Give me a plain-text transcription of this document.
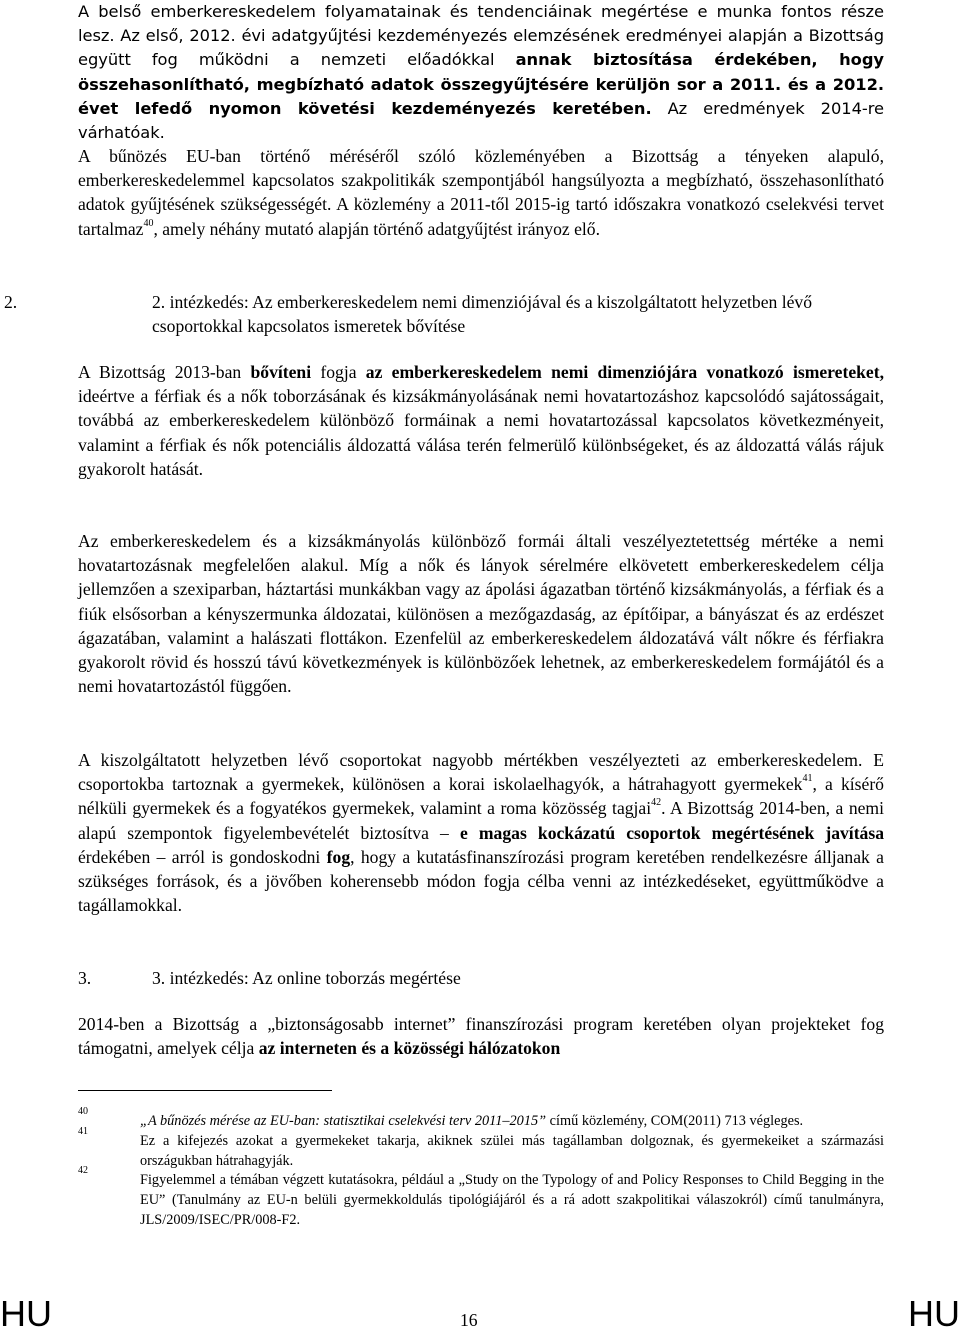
A belső emberkereskedelem folyamatainak és tendenciáinak megértése e munka fontos része lesz. Az első, 2012. évi adatgyűjtési kezdeményezés elemzésének eredményei alapján a Bizottság együtt fog működni a nemzeti előadókkal annak biztosítása érdekében, hogy összehasonlítható, megbízható adatok összegyűjtésére kerüljön sor a 2011. és a 2012. évet lefedő nyomon követési kezdeményezés keretében. Az eredmények 2014-re várhatóak.

A bűnözés EU-ban történő méréséről szóló közleményében a Bizottság a tényeken alapuló, emberkereskedelemmel kapcsolatos szakpolitikák szempontjából hangsúlyozta a megbízható, összehasonlítható adatok gyűjtésének szükségességét. A közlemény a 2011-től 2015-ig tartó időszakra vonatkozó cselekvési tervet tartalmaz$^{40}$, amely néhány mutató alapján történő adatgyűjtést irányoz elő.

2.	2. intézkedés: Az emberkereskedelem nemi dimenziójával és a kiszolgáltatott helyzetben lévő csoportokkal kapcsolatos ismeretek bővítése

A Bizottság 2013-ban bővíteni fogja az emberkereskedelem nemi dimenziójára vonatkozó ismereteket, ideértve a férfiak és a nők toborzásának és kizsákmányolásának nemi hovatartozáshoz kapcsolódó sajátosságait, továbbá az emberkereskedelem különböző formáinak a nemi hovatartozással kapcsolatos következményeit, valamint a férfiak és nők potenciális áldozattá válása terén felmerülő különbségeket, és az áldozattá válás rájuk gyakorolt hatását.

Az emberkereskedelem és a kizsákmányolás különböző formái általi veszélyeztetettség mértéke a nemi hovatartozásnak megfelelően alakul. Míg a nők és lányok sérelmére elkövetett emberkereskedelem célja jellemzően a szexiparban, háztartási munkákban vagy az ápolási ágazatban történő kizsákmányolás, a férfiak és a fiúk elsősorban a kényszermunka áldozatai, különösen a mezőgazdaság, az építőipar, a bányászat és az erdészet ágazatában, valamint a halászati flottákon. Ezenfelül az emberkereskedelem áldozatává vált nőkre és férfiakra gyakorolt rövid és hosszú távú következmények is különbözőek lehetnek, az emberkereskedelem formájától és a nemi hovatartozástól függően.

A kiszolgáltatott helyzetben lévő csoportokat nagyobb mértékben veszélyezteti az emberkereskedelem. E csoportokba tartoznak a gyermekek, különösen a korai iskolaelhagyók, a hátrahagyott gyermekek$^{41}$, a kísérő nélküli gyermekek és a fogyatékos gyermekek, valamint a roma közösség tagjai$^{42}$. A Bizottság 2014-ben, a nemi alapú szempontok figyelembevételét biztosítva – e magas kockázatú csoportok megértésének javítása érdekében – arról is gondoskodni fog, hogy a kutatásfinanszírozási program keretében rendelkezésre álljanak a szükséges források, és a jövőben koherensebb módon fogja célba venni az intézkedéseket, együttműködve a tagállamokkal.

3.	3. intézkedés: Az online toborzás megértése

2014-ben a Bizottság a „biztonságosabb internet” finanszírozási program keretében olyan projekteket fog támogatni, amelyek célja az interneten és a közösségi hálózatokon

40
„A bűnözés mérése az EU-ban: statisztikai cselekvési terv 2011–2015” című közlemény, COM(2011) 713 végleges.
41
Ez a kifejezés azokat a gyermekeket takarja, akiknek szülei más tagállamban dolgoznak, és gyermekeiket a származási országukban hátrahagyják.
42
Figyelemmel a témában végzett kutatásokra, például a „Study on the Typology of and Policy Responses to Child Begging in the EU” (Tanulmány az EU-n belüli gyermekkoldulás tipológiájáról és a rá adott szakpolitikai válaszokról) című tanulmányra, JLS/2009/ISEC/PR/008-F2.
HU	16	HU
